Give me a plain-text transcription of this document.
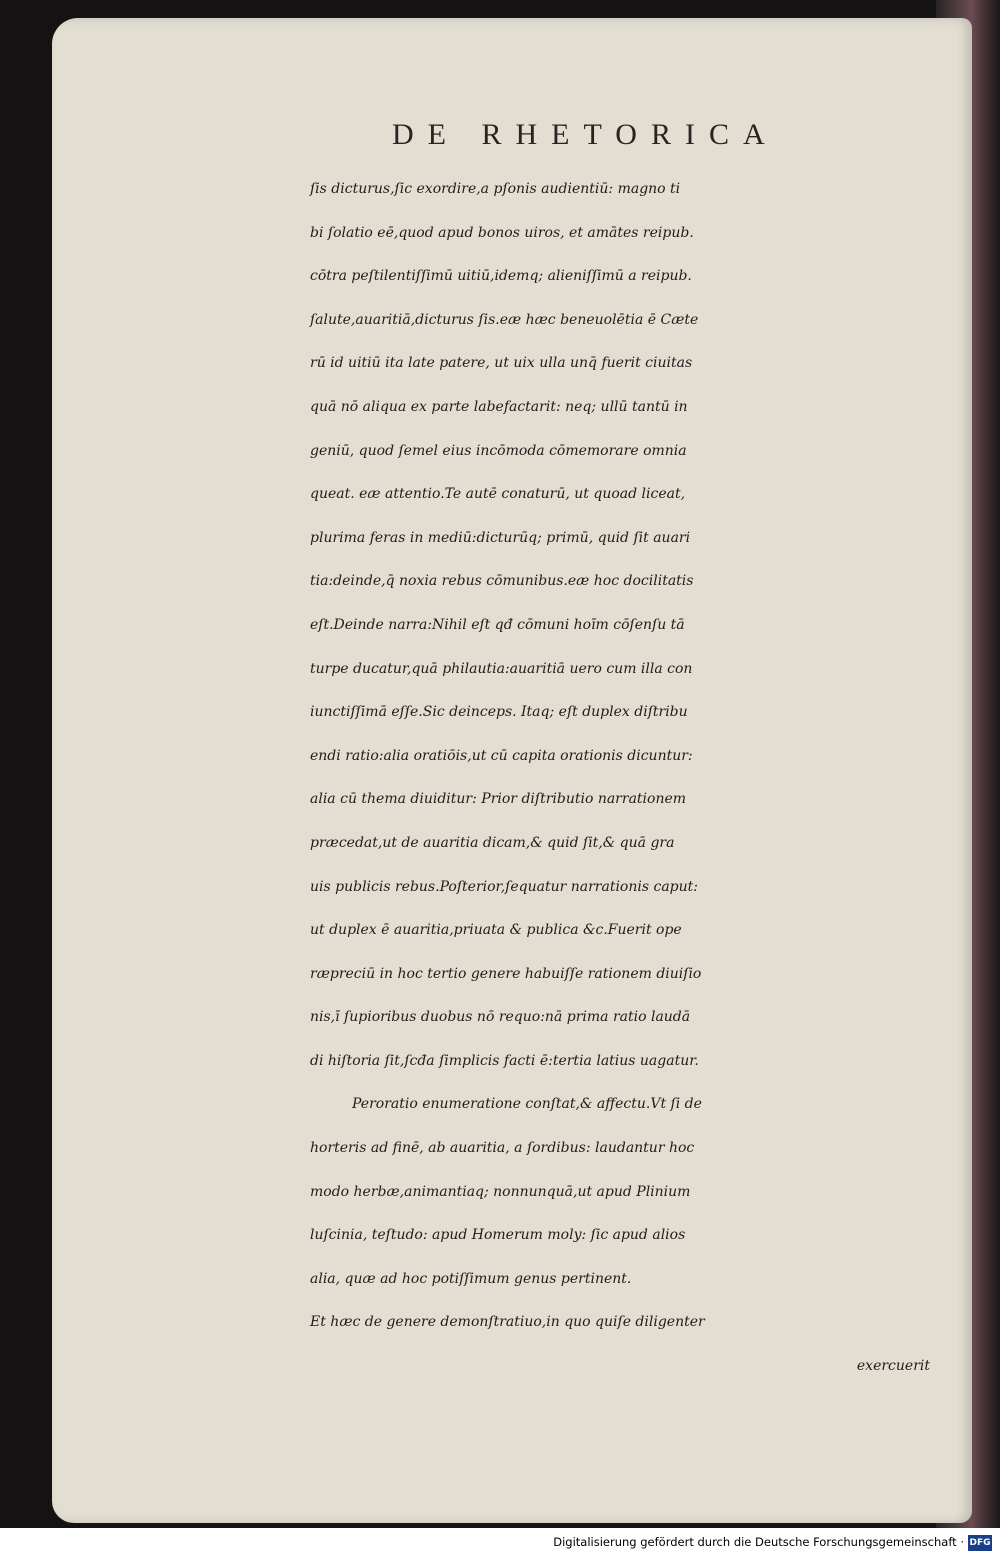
DE RHETORICA
ſis dicturus,ſic exordire,a pſonis audientiū: magno ti
bi ſolatio eē,quod apud bonos uiros, et amātes reipub.
cōtra peſtilentiſſimū uitiū,idemq; alieniſſimū a reipub.
ſalute,auaritiā,dicturus ſis.eæ hæc beneuolētia ē Cæte
rū id uitiū ita late patere, ut uix ulla unq̄ fuerit ciuitas
quā nō aliqua ex parte labefactarit: neq; ullū tantū in
geniū, quod ſemel eius incōmoda cōmemorare omnia
queat. eæ attentio.Te autē conaturū, ut quoad liceat,
plurima feras in mediū:dicturūq; primū, quid ſit auari
tia:deinde,q̄ noxia rebus cōmunibus.eæ hoc docilitatis
eſt.Deinde narra:Nihil eſt qđ cōmuni hoīm cōſenſu tā
turpe ducatur,quā philautia:auaritiā uero cum illa con
iunctiſſimā eſſe.Sic deinceps. Itaq; eſt duplex diſtribu
endi ratio:alia oratiōis,ut cū capita orationis dicuntur:
alia cū thema diuiditur: Prior diſtributio narrationem
præcedat,ut de auaritia dicam,& quid ſit,& quā gra
uis publicis rebus.Poſterior,ſequatur narrationis caput:
ut duplex ē auaritia,priuata & publica &c.Fuerit ope
ræpreciū in hoc tertio genere habuiſſe rationem diuiſio
nis,ī ſupioribus duobus nō requo:nā prima ratio laudā
di hiſtoria ſit,ſcđa ſimplicis facti ē:tertia latius uagatur.
Peroratio enumeratione conſtat,& affectu.Vt ſi de
horteris ad finē, ab auaritia, a ſordibus: laudantur hoc
modo herbæ,animantiaq; nonnunquā,ut apud Plinium
luſcinia, teſtudo: apud Homerum moly: ſic apud alios
alia, quæ ad hoc potiſſimum genus pertinent.
Et hæc de genere demonſtratiuo,in quo quiſe diligenter
exercuerit
Digitalisierung gefördert durch die Deutsche Forschungsgemeinschaft · DFG
